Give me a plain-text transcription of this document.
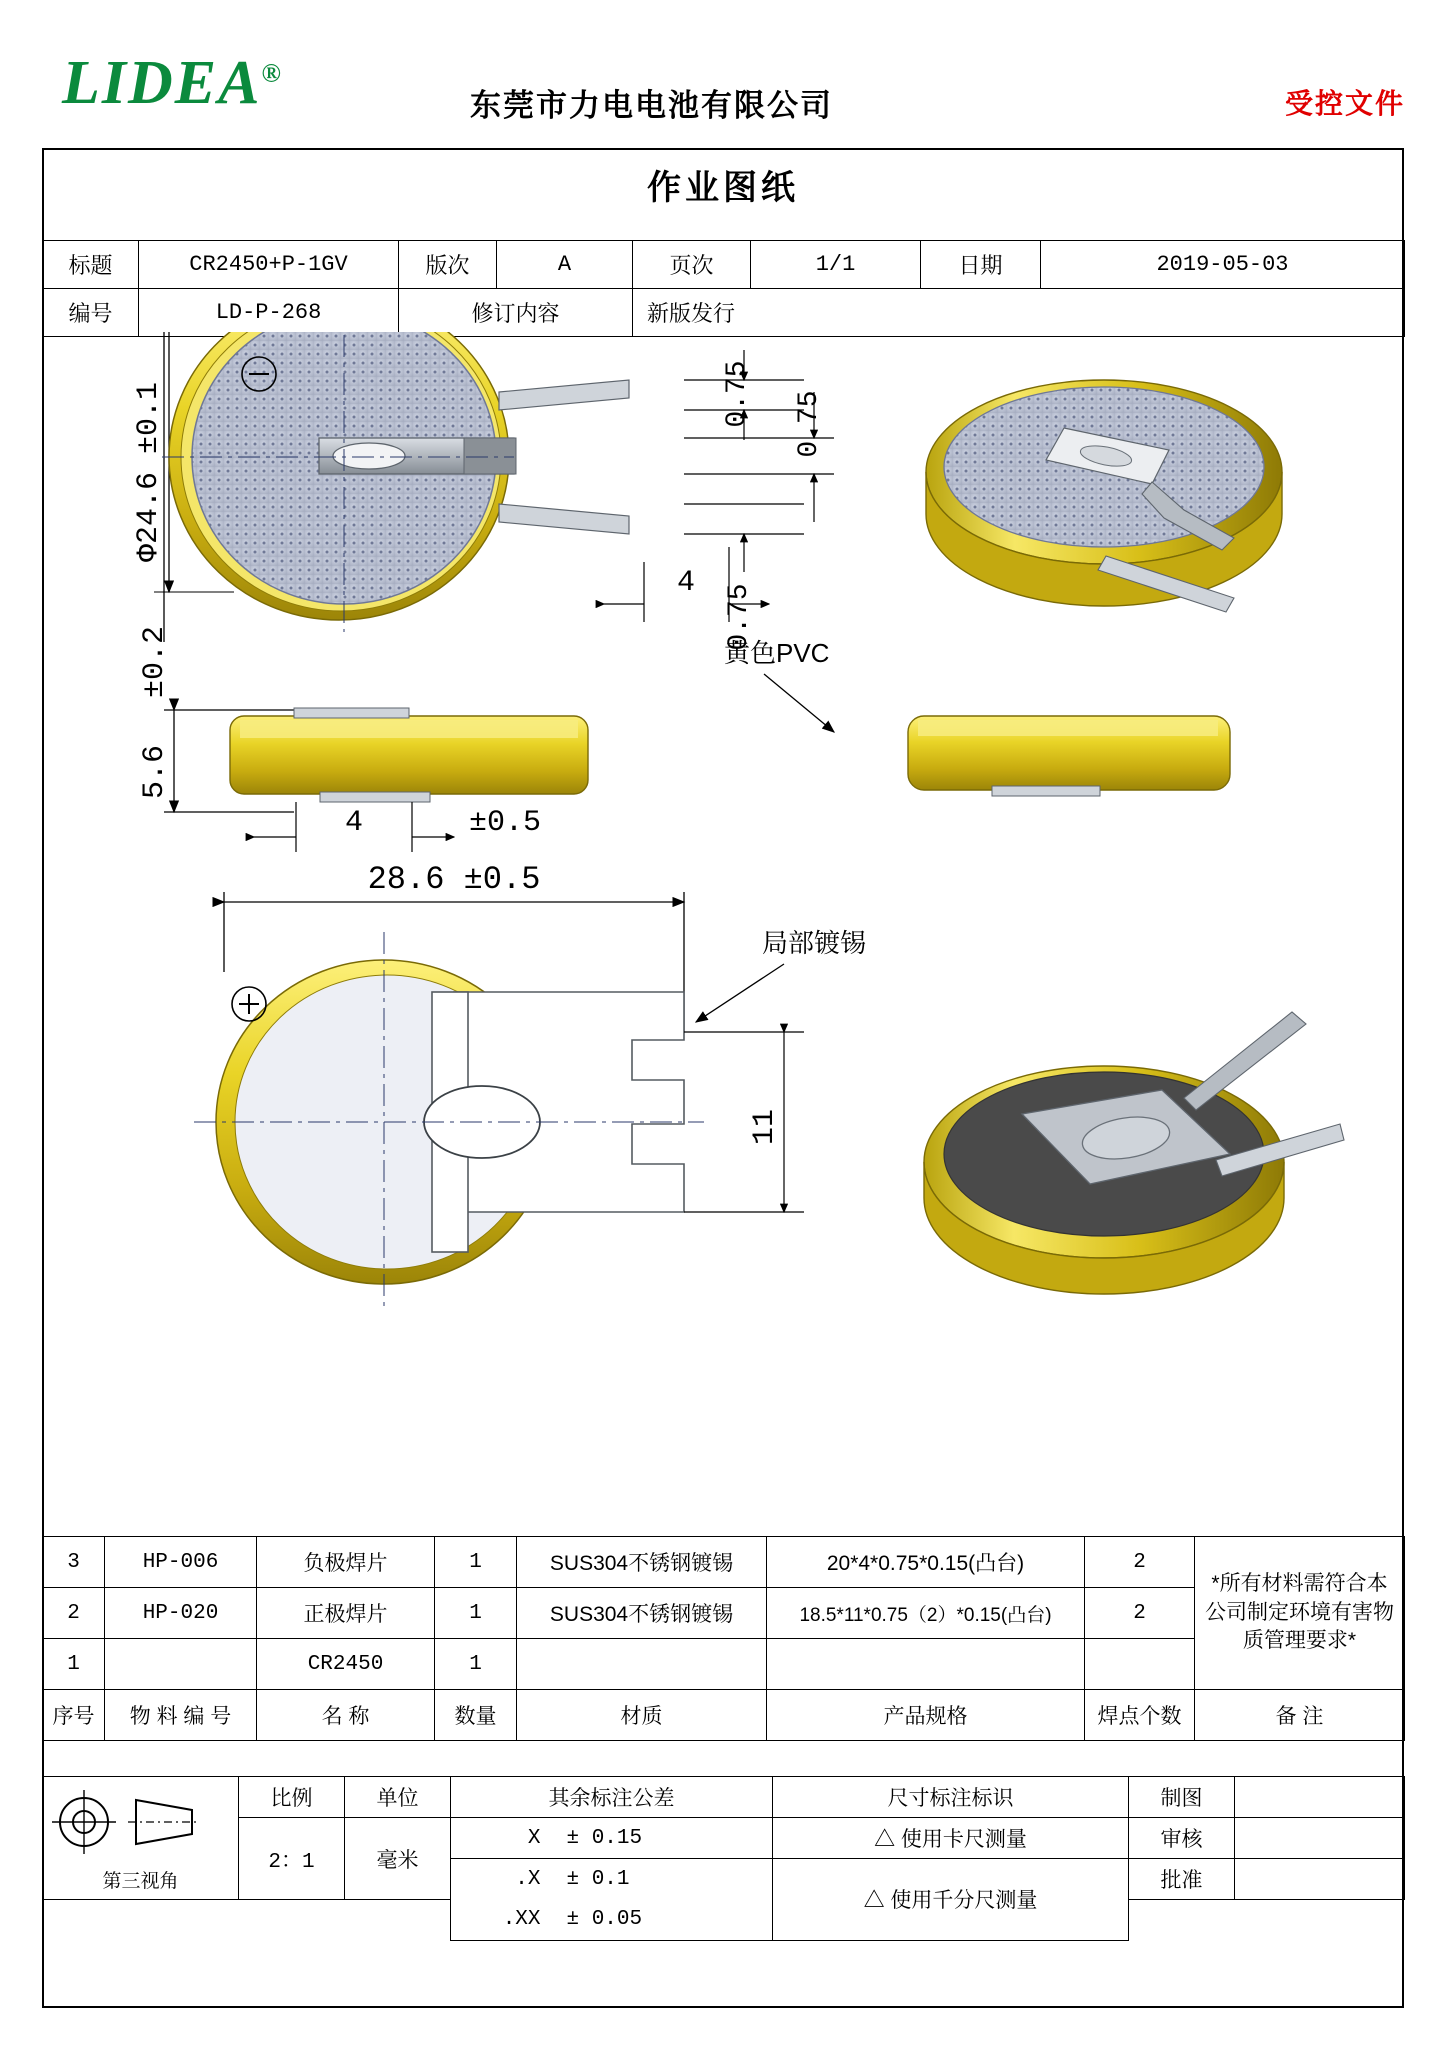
LIDEA®
东莞市力电电池有限公司	受控文件
作业图纸
标题	CR2450+P-1GV	版次	A	页次	1/1	日期	2019-05-03
编号	LD-P-268	修订内容		新版发行			
Φ24.6 ±0.1	0.75 0.75
0.75
4
±0.2
5.6
4	±0.5
黄色PVC
28.6 ±0.5
11
局部镀锡
3	HP-006	负极焊片	1	SUS304不锈钢镀锡	20*4*0.75*0.15(凸台)	2	*所有材料需符合本公司制定环境有害物质管理要求*
2	HP-020	正极焊片	1	SUS304不锈钢镀锡	18.5*11*0.75（2）*0.15(凸台)	2	
1		CR2450	1				
序号	物 料 编 号	名 称	数量	材质	产品规格	焊点个数	备 注
第三视角	比例	单位	其余标注公差		尺寸标注标识	制图	
	2：1	毫米	X	± 0.15	△ 使用卡尺测量	审核	
			.X	± 0.1	△ 使用千分尺测量	批准	
			.XX	± 0.05			
